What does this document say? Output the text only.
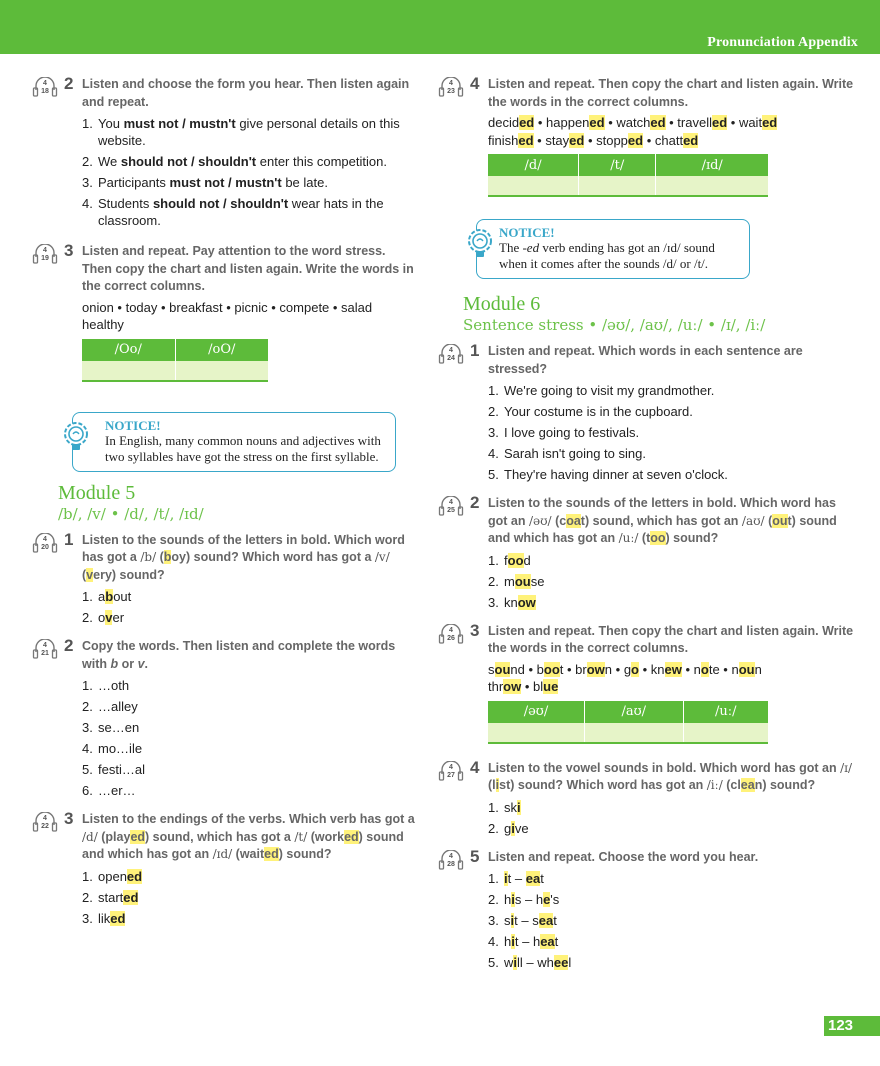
Pronunciation Appendix
4
18 2 Listen and choose the form you hear. Then listen again and repeat.
1. You must not / mustn't give personal details on this website.
2. We should not / shouldn't enter this competition.
3. Participants must not / mustn't be late.
4. Students should not / shouldn't wear hats in the classroom.
4
19 3 Listen and repeat. Pay attention to the word stress. Then copy the chart and listen again. Write the words in the correct columns.
onion • today • breakfast • picnic • compete • salad
healthy
/Oo/	/oO/

NOTICE!
In English, many common nouns and adjectives with two syllables have got the stress on the first syllable.
Module 5
/b/, /v/ • /d/, /t/, /ɪd/
4
20 1 Listen to the sounds of the letters in bold. Which word has got a /b/ (boy) sound? Which word has got a /v/ (very) sound?
1. about
2. over
4
21 2 Copy the words. Then listen and complete the words with b or v.
1. …oth
2. …alley
3. se…en
4. mo…ile
5. festi…al
6. …er…
4
22 3 Listen to the endings of the verbs. Which verb has got a /d/ (played) sound, which has got a /t/ (worked) sound and which has got an /ɪd/ (waited) sound?
1. opened
2. started
3. liked
4
23 4 Listen and repeat. Then copy the chart and listen again. Write the words in the correct columns.
decided • happened • watched • travelled • waited
finished • stayed • stopped • chatted
/d/	/t/	/ɪd/

NOTICE!
The -ed verb ending has got an /ɪd/ sound when it comes after the sounds /d/ or /t/.
Module 6
Sentence stress • /əʊ/, /aʊ/, /uː/ • /ɪ/, /iː/
4
24 1 Listen and repeat. Which words in each sentence are stressed?
1. We're going to visit my grandmother.
2. Your costume is in the cupboard.
3. I love going to festivals.
4. Sarah isn't going to sing.
5. They're having dinner at seven o'clock.
4
25 2 Listen to the sounds of the letters in bold. Which word has got an /əʊ/ (coat) sound, which has got an /aʊ/ (out) sound and which has got an /uː/ (too) sound?
1. food
2. mouse
3. know
4
26 3 Listen and repeat. Then copy the chart and listen again. Write the words in the correct columns.
sound • boot • brown • go • knew • note • noun
throw • blue
/əʊ/	/aʊ/	/uː/

4
27 4 Listen to the vowel sounds in bold. Which word has got an /ɪ/ (list) sound? Which word has got an /iː/ (clean) sound?
1. ski
2. give
4
28 5 Listen and repeat. Choose the word you hear.
1. it – eat
2. his – he's
3. sit – seat
4. hit – heat
5. will – wheel
123
